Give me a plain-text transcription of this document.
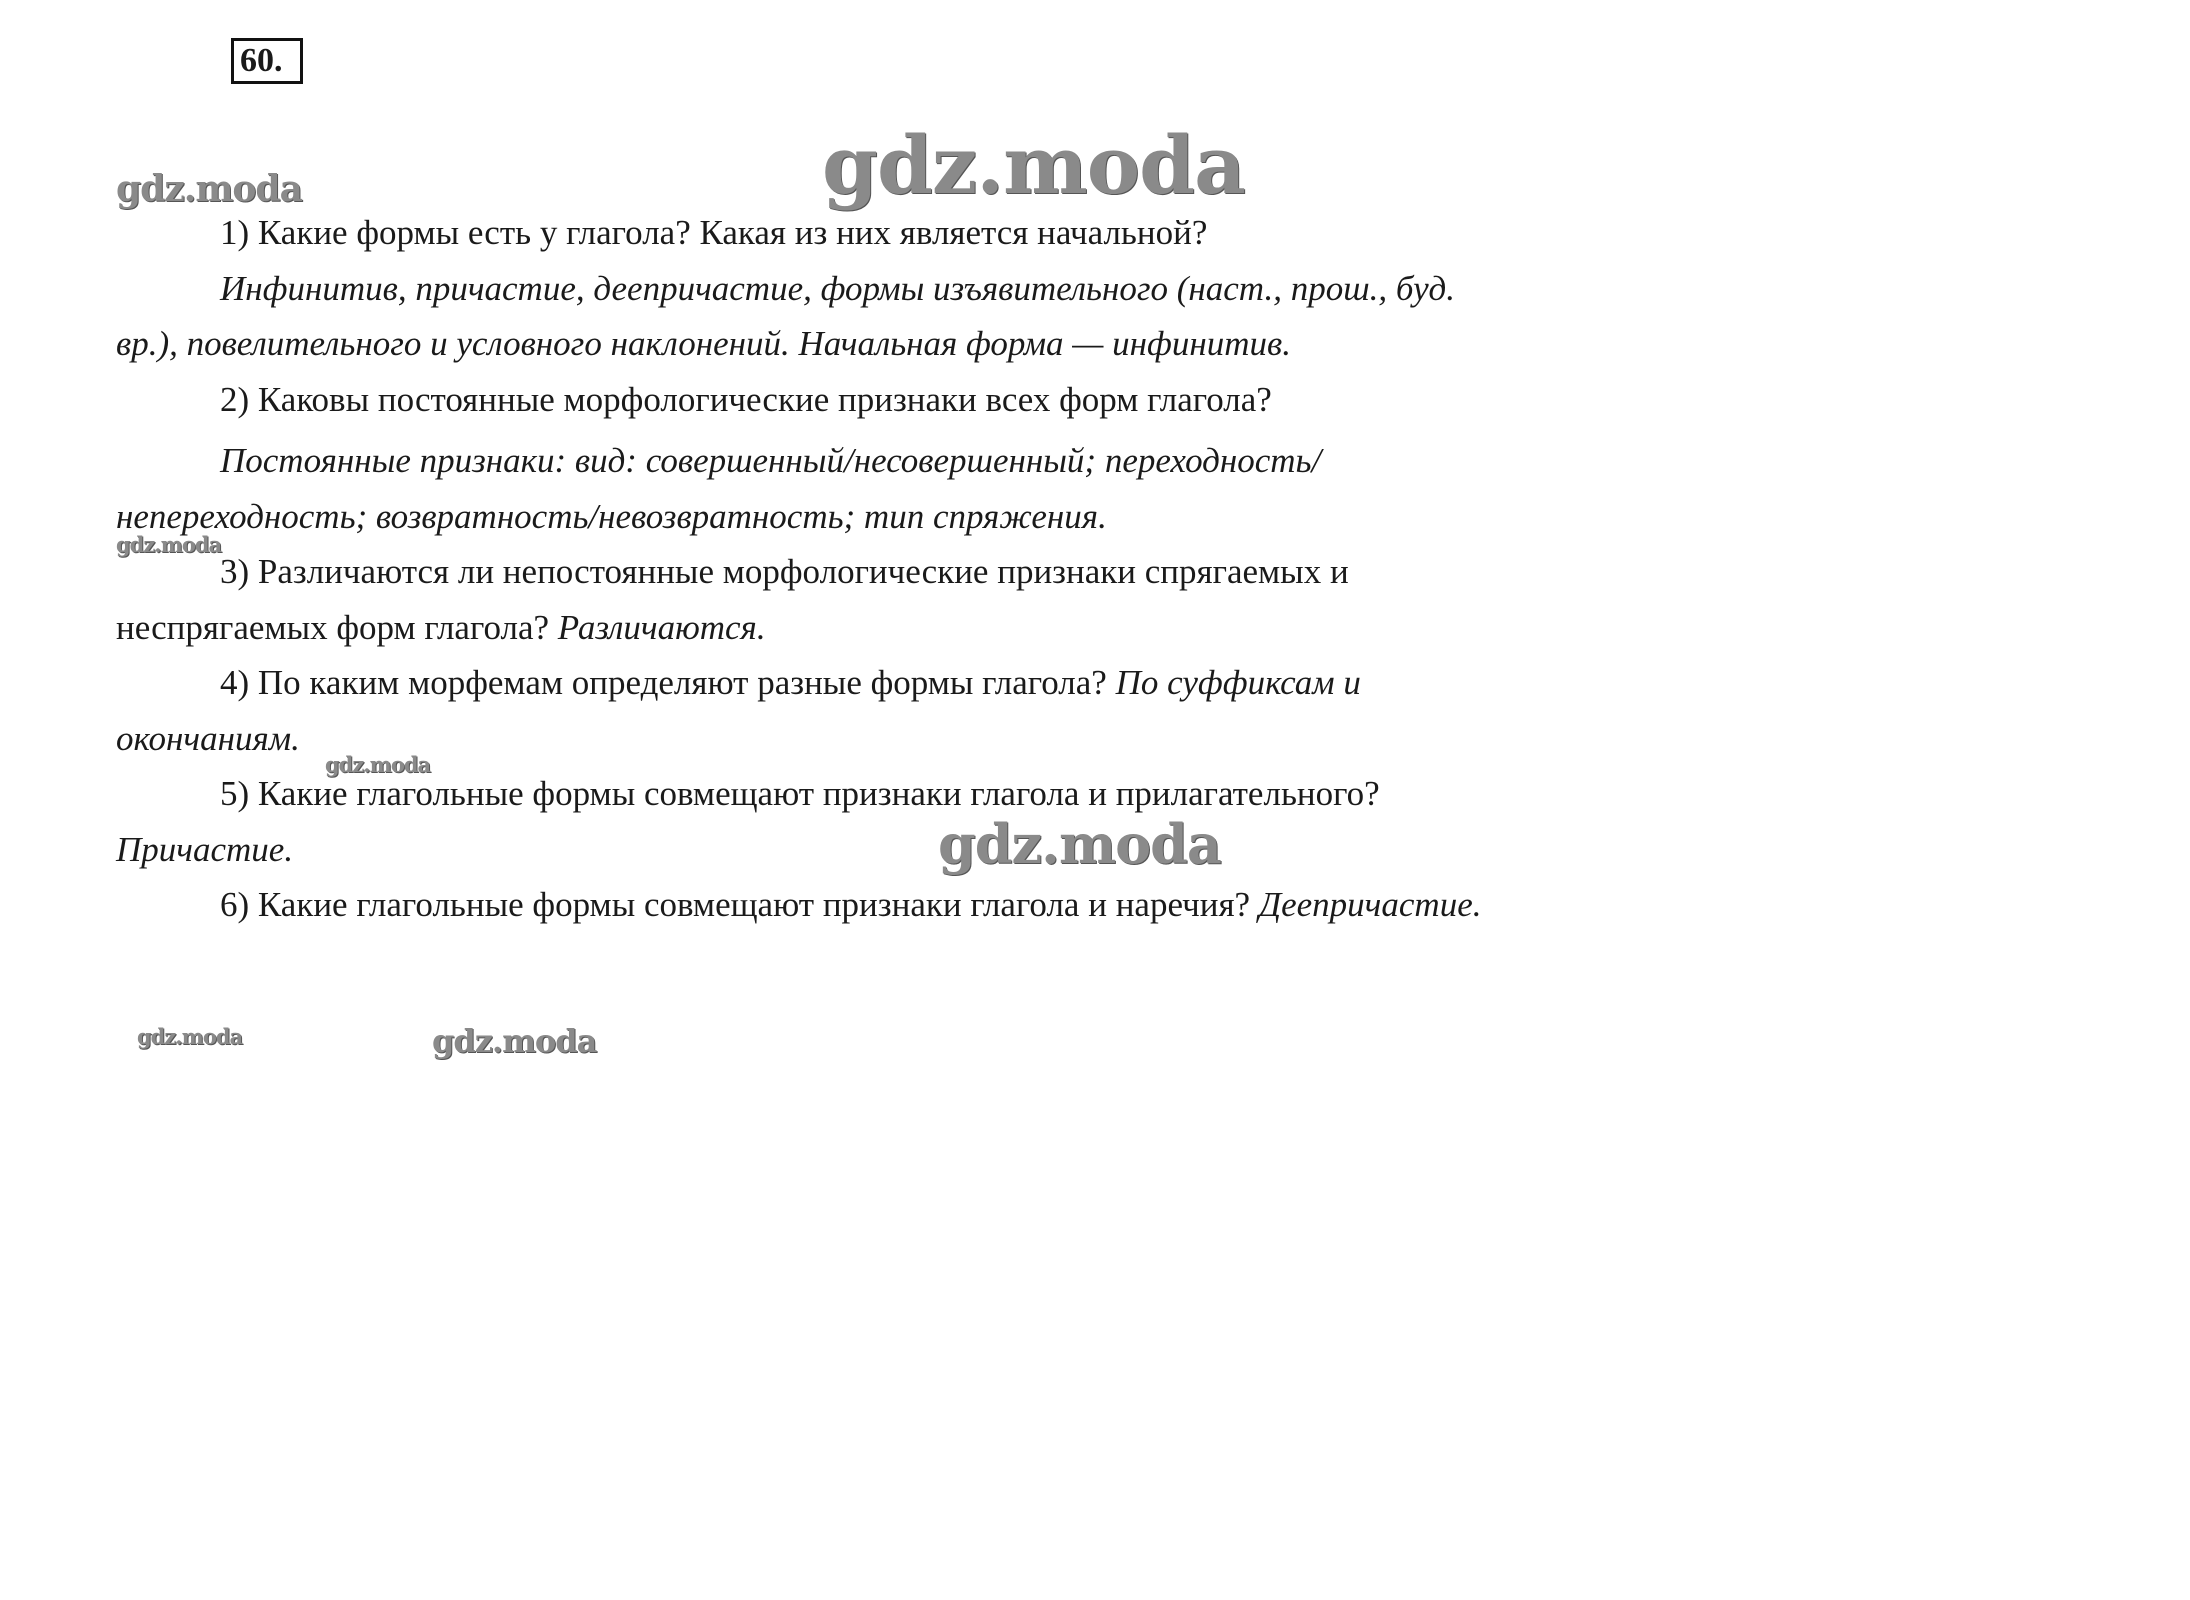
60.
gdz.moda
gdz.moda
gdz.moda
gdz.moda
gdz.moda
gdz.moda	gdz.moda

1) Какие формы есть у глагола? Какая из них является начальной?

Инфинитив, причастие, деепричастие, формы изъявительного (наст., прош., буд. вр.), повелительного и условного наклонений. Начальная форма — инфинитив.

2) Каковы постоянные морфологические признаки всех форм глагола?

Постоянные признаки: вид: совершенный/несовершенный; переходность/непереходность; возвратность/невозвратность; тип спряжения.

3) Различаются ли непостоянные морфологические признаки спрягаемых и неспрягаемых форм глагола? Различаются.

4) По каким морфемам определяют разные формы глагола? По суффиксам и окончаниям.

5) Какие глагольные формы совмещают признаки глагола и прилагательного? Причастие.

6) Какие глагольные формы совмещают признаки глагола и наречия? Деепричастие.
